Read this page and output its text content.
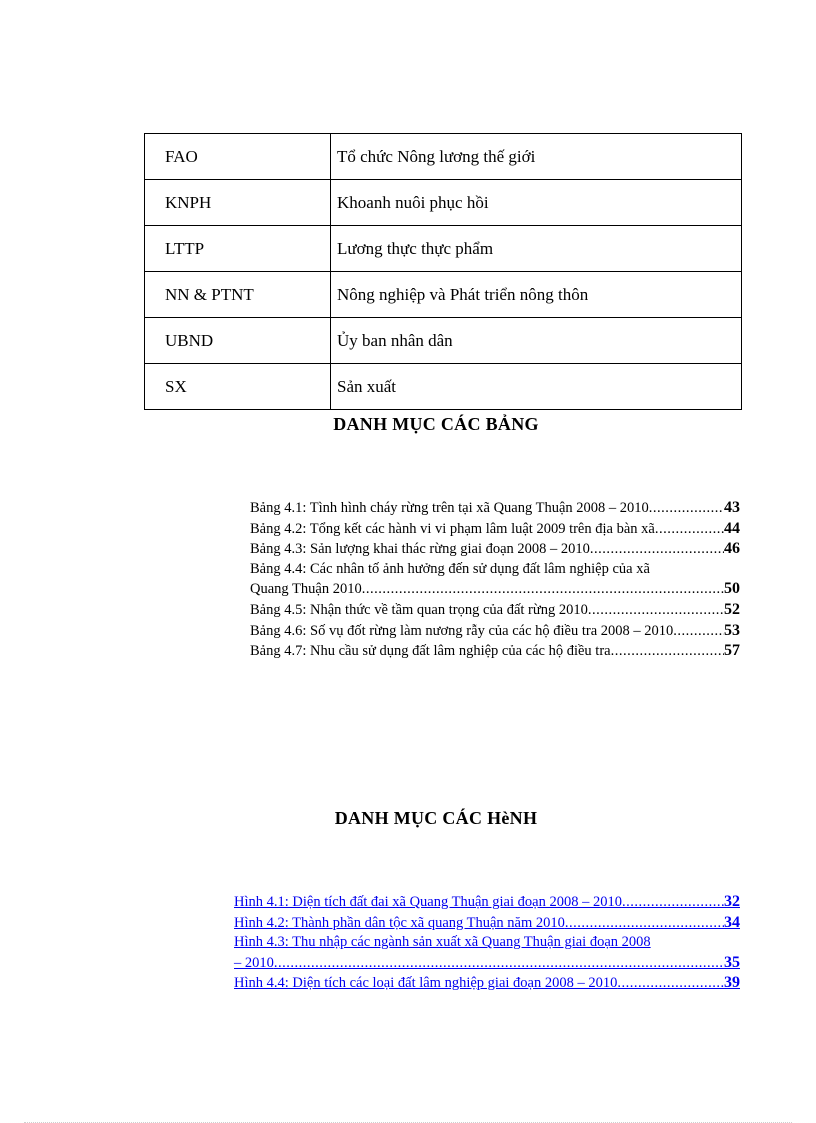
FAO	Tổ chức Nông lương thế giới
KNPH	Khoanh nuôi phục hồi
LTTP	Lương thực thực phẩm
NN & PTNT	Nông nghiệp và Phát triển nông thôn
UBND	Ủy ban nhân dân
SX	Sản xuất
DANH MỤC CÁC BẢNG
Bảng 4.1: Tình hình cháy rừng trên tại xã Quang Thuận 2008 – 2010 .....	43
Bảng 4.2: Tổng kết các hành vi vi phạm lâm luật 2009 trên địa bàn xã .....	44
Bảng 4.3: Sản lượng khai thác rừng giai đoạn 2008 – 2010 .....	46
Bảng 4.4: Các nhân tố ảnh hưởng đến sử dụng đất lâm nghiệp của xã
Quang Thuận 2010 .....	50
Bảng 4.5: Nhận thức về tầm quan trọng của đất rừng 2010 .....	52
Bảng 4.6: Số vụ đốt rừng làm nương rẫy của các hộ điều tra 2008 – 2010 .....	53
Bảng 4.7: Nhu cầu sử dụng đất lâm nghiệp của các hộ điều tra .....	57
DANH MỤC CÁC HèNH
Hình 4.1: Diện tích đất đai xã Quang Thuận giai đoạn 2008 – 2010 .....	32
Hình 4.2: Thành phần dân tộc xã quang Thuận năm 2010 .....	34
Hình 4.3: Thu nhập các ngành sản xuất xã Quang Thuận giai đoạn 2008
– 2010 .....	35
Hình 4.4: Diện tích các loại đất lâm nghiệp giai đoạn 2008 – 2010 .....	39
